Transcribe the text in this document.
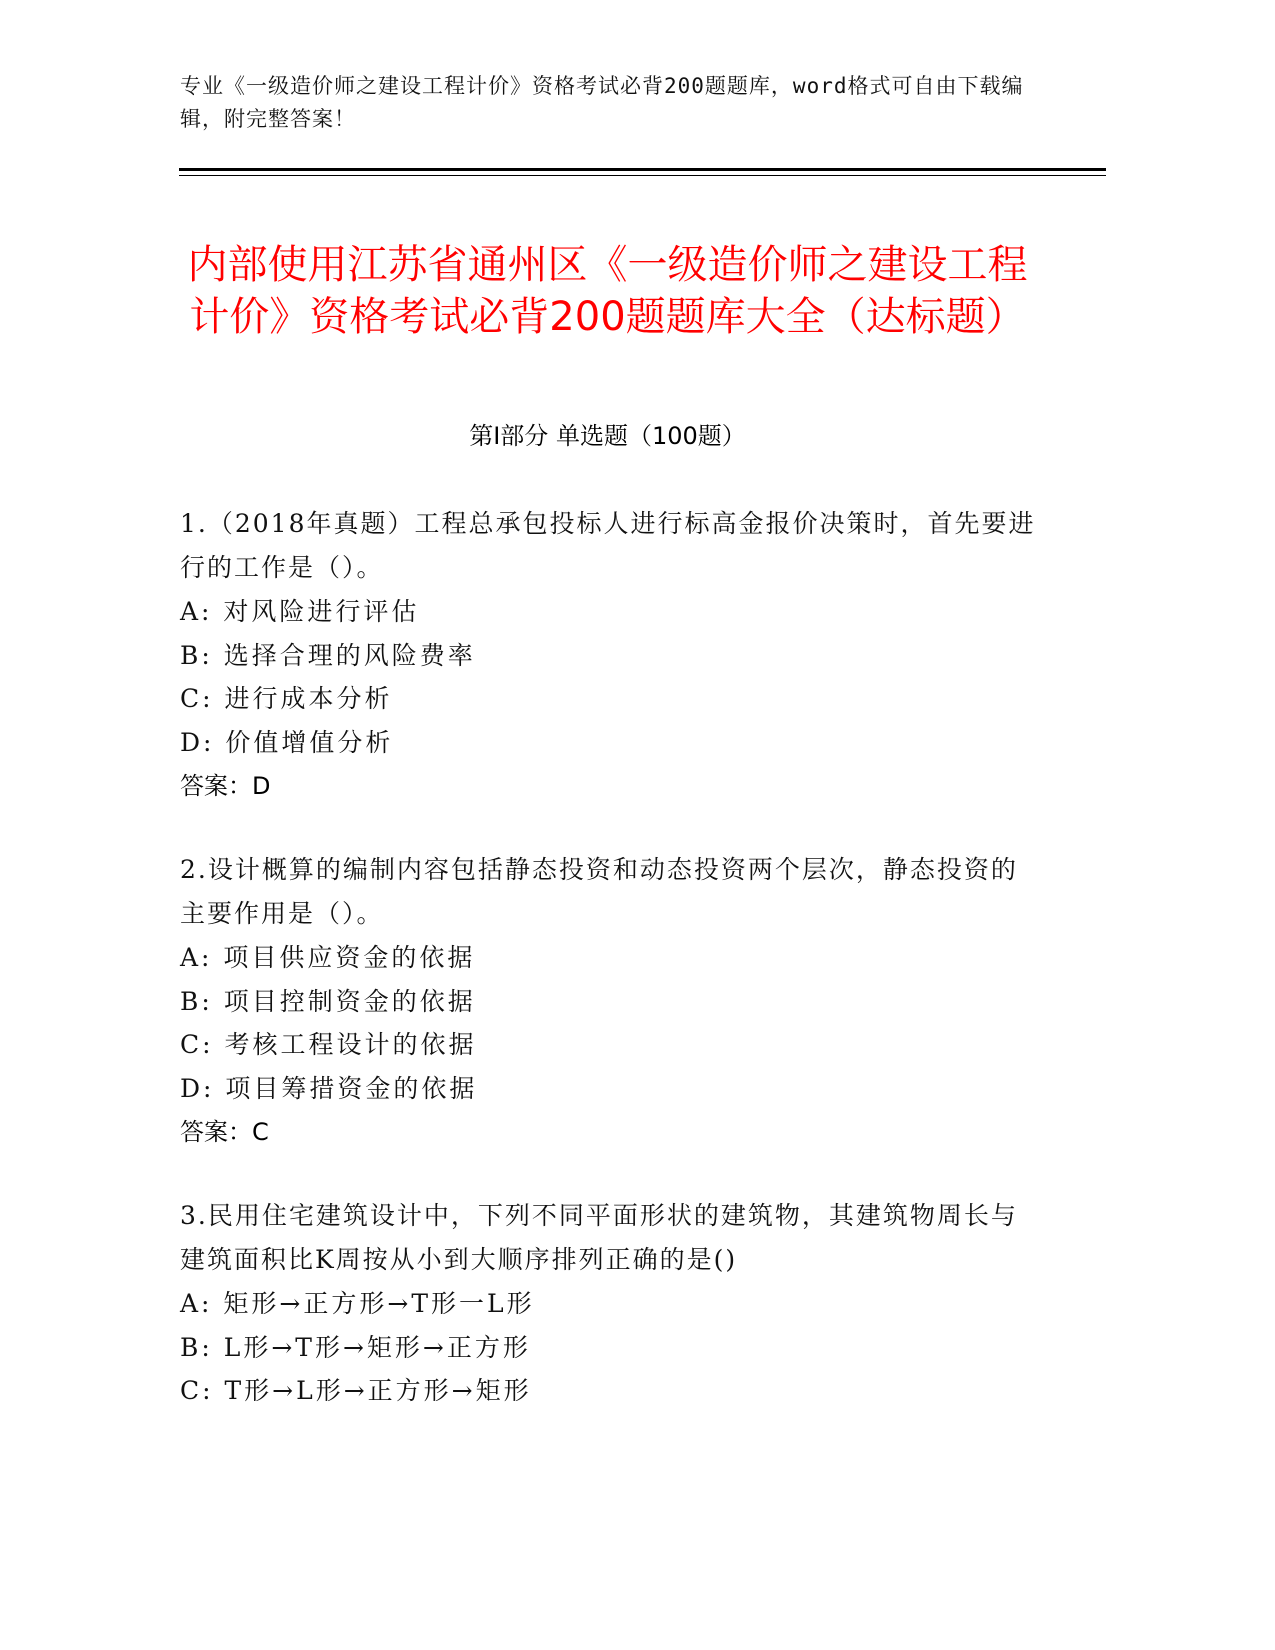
专业《一级造价师之建设工程计价》资格考试必背200题题库，word格式可自由下载编辑，附完整答案！
内部使用江苏省通州区《一级造价师之建设工程计价》资格考试必背200题题库大全（达标题）
第I部分 单选题（100题）

1.（2018年真题）工程总承包投标人进行标高金报价决策时，首先要进行的工作是（）。

A: 对风险进行评估

B: 选择合理的风险费率

C: 进行成本分析

D: 价值增值分析

答案：D

2.设计概算的编制内容包括静态投资和动态投资两个层次，静态投资的主要作用是（）。

A: 项目供应资金的依据

B: 项目控制资金的依据

C: 考核工程设计的依据

D: 项目筹措资金的依据

答案：C

3.民用住宅建筑设计中，下列不同平面形状的建筑物，其建筑物周长与建筑面积比K周按从小到大顺序排列正确的是()

A: 矩形→正方形→T形一L形

B: L形→T形→矩形→正方形

C: T形→L形→正方形→矩形
